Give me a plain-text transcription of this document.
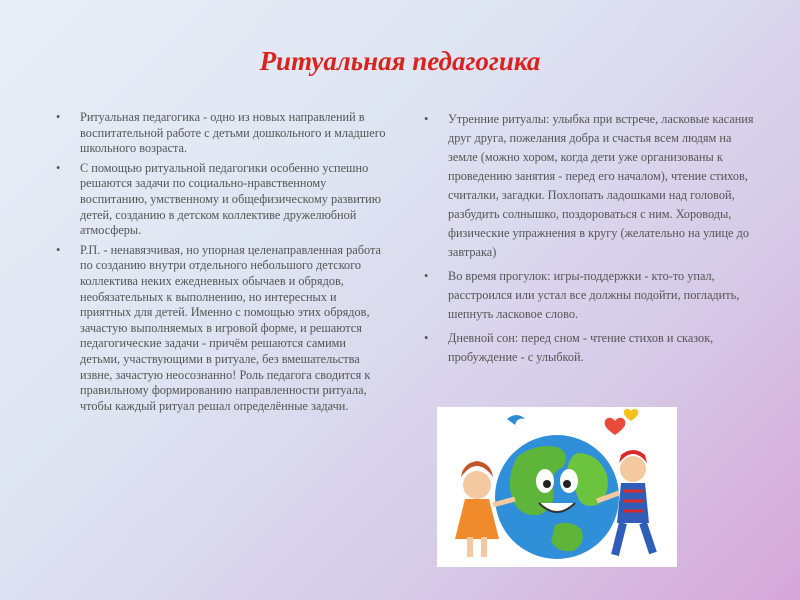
Ритуальная педагогика
• Ритуальная педагогика - одно из новых направлений в воспитательной работе с детьми дошкольного и младшего школьного возраста.
• С помощью ритуальной педагогики особенно успешно решаются задачи по социально-нравственному воспитанию, умственному и общефизическому развитию детей, созданию в детском коллективе дружелюбной атмосферы.
• Р.П. - ненавязчивая, но упорная целенаправленная работа по созданию внутри отдельного небольшого детского коллектива неких ежедневных обычаев и обрядов, необязательных к выполнению, но интересных и приятных для детей. Именно с помощью этих обрядов, зачастую выполняемых в игровой форме, и решаются педагогические задачи - причём решаются самими детьми, участвующими в ритуале, без вмешательства извне, зачастую неосознанно! Роль педагога сводится к правильному формированию направленности ритуала, чтобы каждый ритуал решал определённые задачи.
• Утренние ритуалы: улыбка при встрече, ласковые касания друг друга, пожелания добра и счастья всем людям на земле (можно хором, когда дети уже организованы к проведению занятия - перед его началом), чтение стихов, считалки, загадки. Похлопать ладошками над головой, разбудить солнышко, поздороваться с ним. Хороводы, физические упражнения в кругу (желательно на улице до завтрака)
• Во время прогулок: игры-поддержки - кто-то упал, расстроился или устал все должны подойти, погладить, шепнуть ласковое слово.
• Дневной сон: перед сном - чтение стихов и сказок, пробуждение - с улыбкой.
